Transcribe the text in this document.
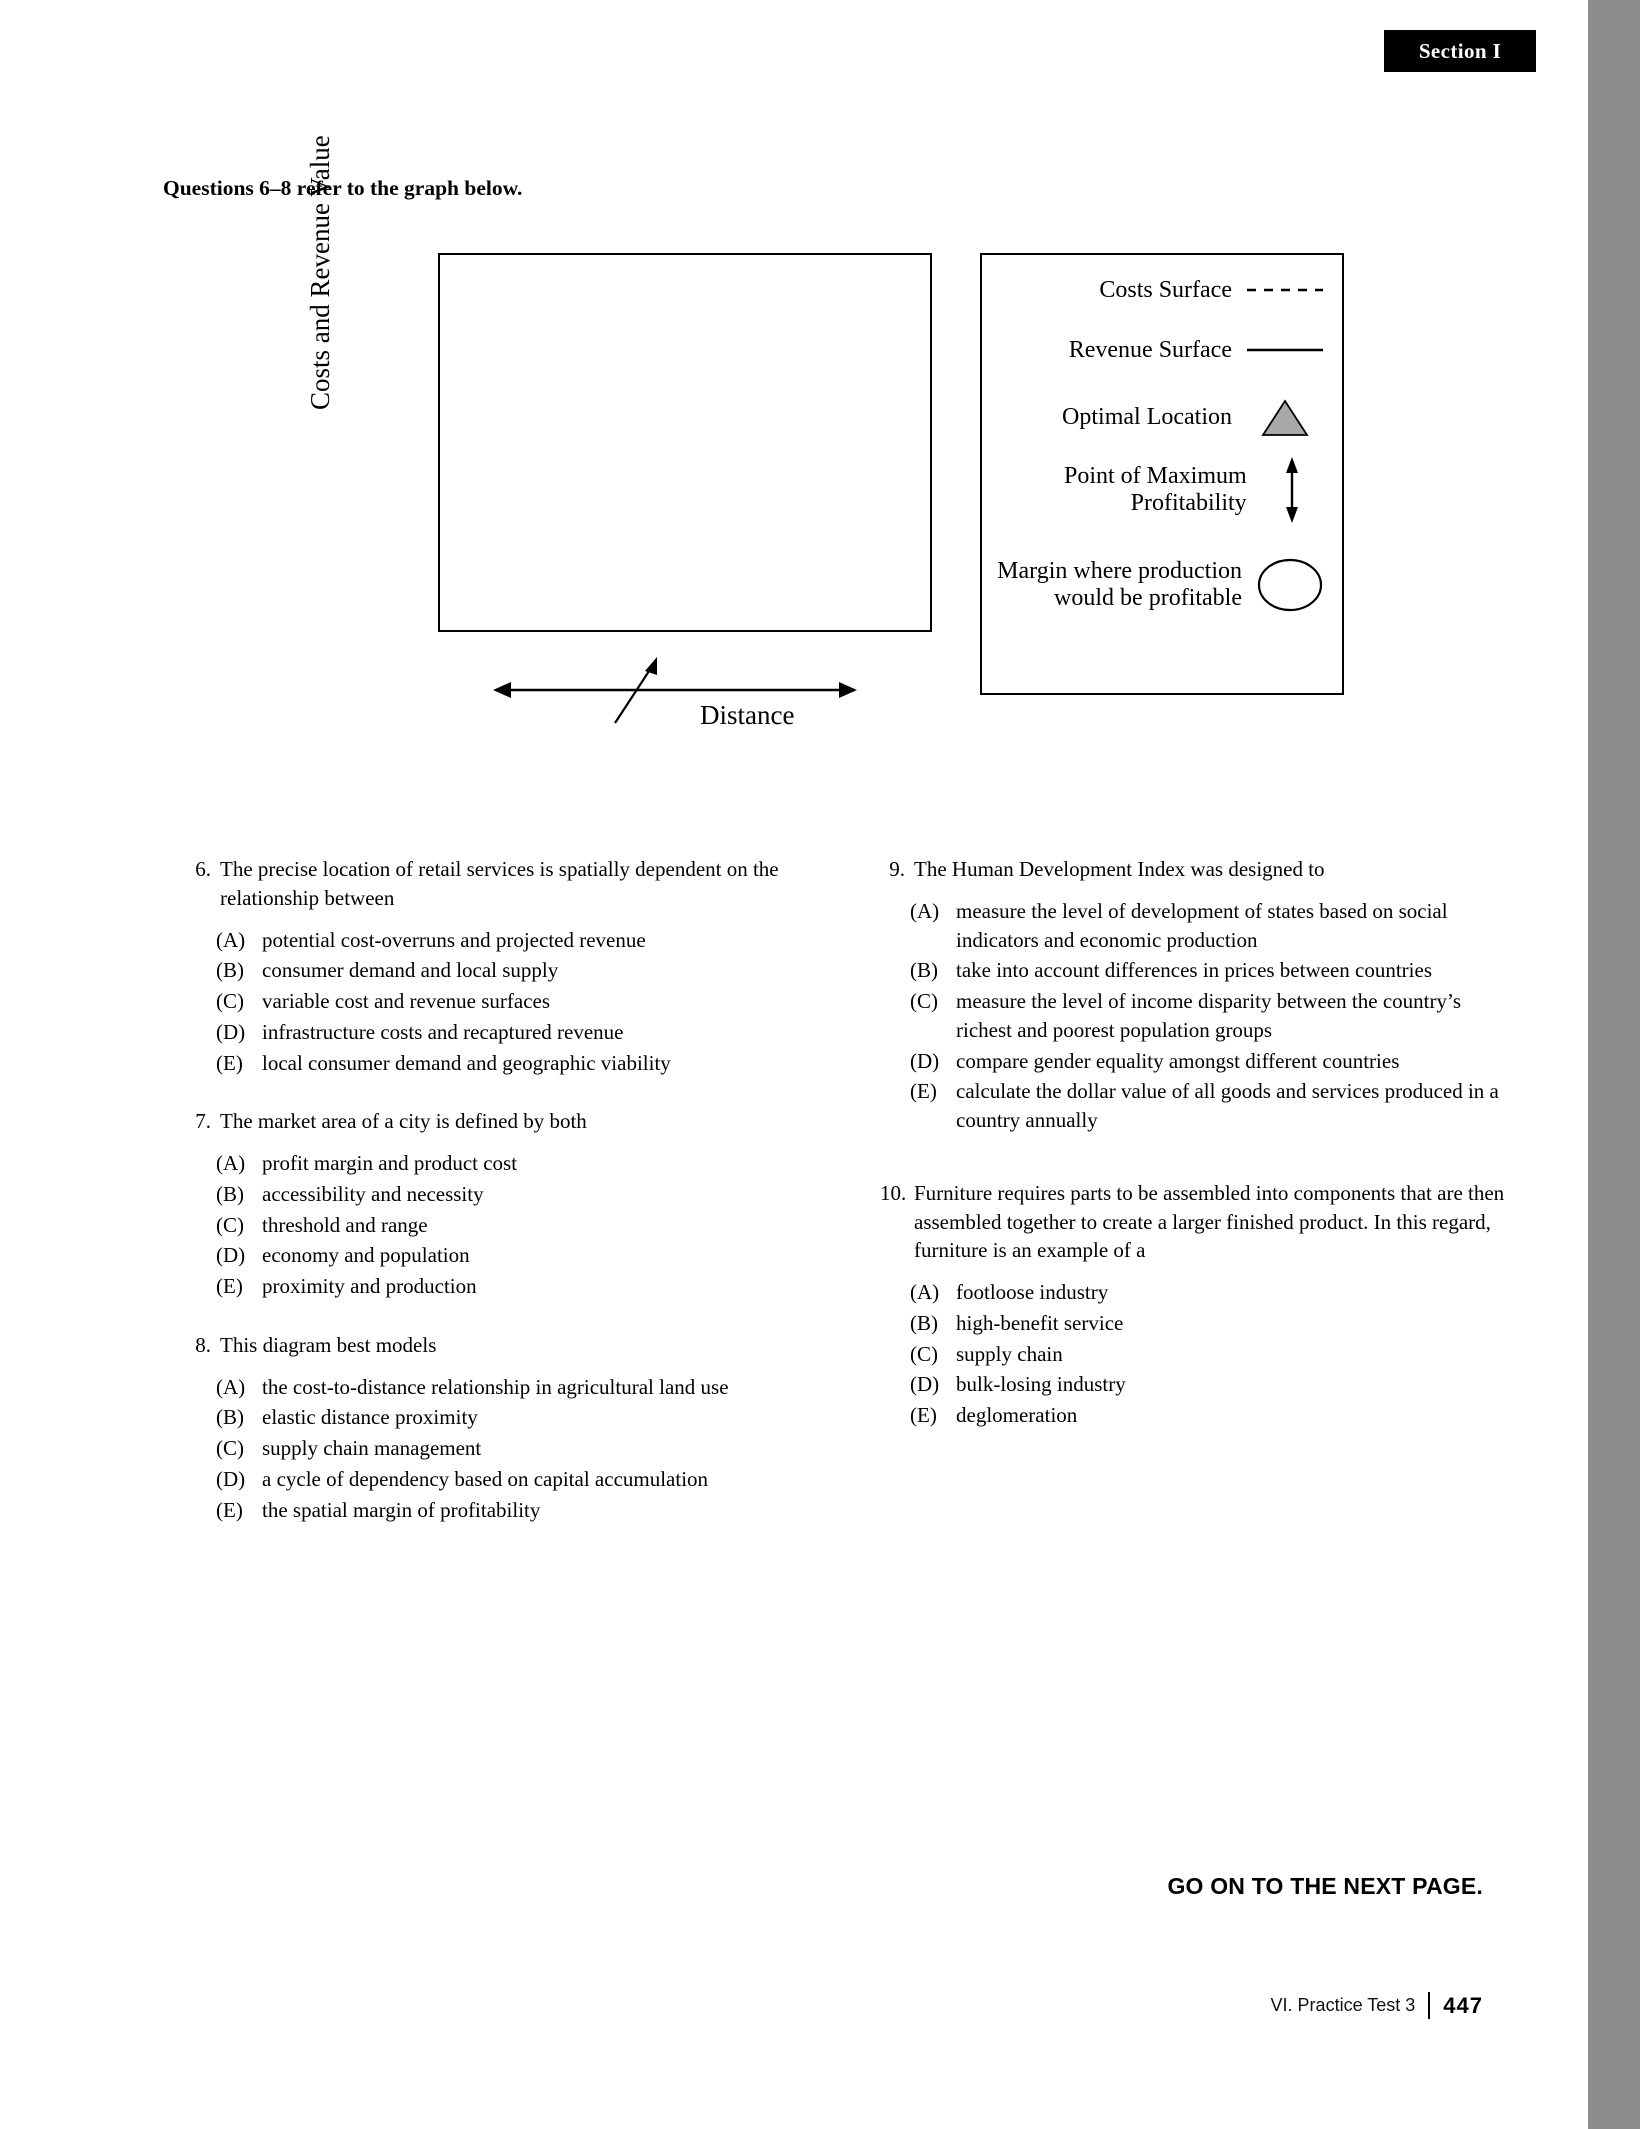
Section I
Questions 6–8 refer to the graph below.
Costs and Revenue Value
Distance
Costs Surface
Revenue Surface
Optimal Location
Point of Maximum Profitability
Margin where production would be profitable
6. The precise location of retail services is spatially dependent on the relationship between
(A) potential cost-overruns and projected revenue
(B) consumer demand and local supply
(C) variable cost and revenue surfaces
(D) infrastructure costs and recaptured revenue
(E) local consumer demand and geographic viability
7. The market area of a city is defined by both
(A) profit margin and product cost
(B) accessibility and necessity
(C) threshold and range
(D) economy and population
(E) proximity and production
8. This diagram best models
(A) the cost-to-distance relationship in agricultural land use
(B) elastic distance proximity
(C) supply chain management
(D) a cycle of dependency based on capital accumulation
(E) the spatial margin of profitability
9. The Human Development Index was designed to
(A) measure the level of development of states based on social indicators and economic production
(B) take into account differences in prices between countries
(C) measure the level of income disparity between the country’s richest and poorest population groups
(D) compare gender equality amongst different countries
(E) calculate the dollar value of all goods and services produced in a country annually
10. Furniture requires parts to be assembled into components that are then assembled together to create a larger finished product. In this regard, furniture is an example of a
(A) footloose industry
(B) high-benefit service
(C) supply chain
(D) bulk-losing industry
(E) deglomeration
GO ON TO THE NEXT PAGE.
VI. Practice Test 3 447
